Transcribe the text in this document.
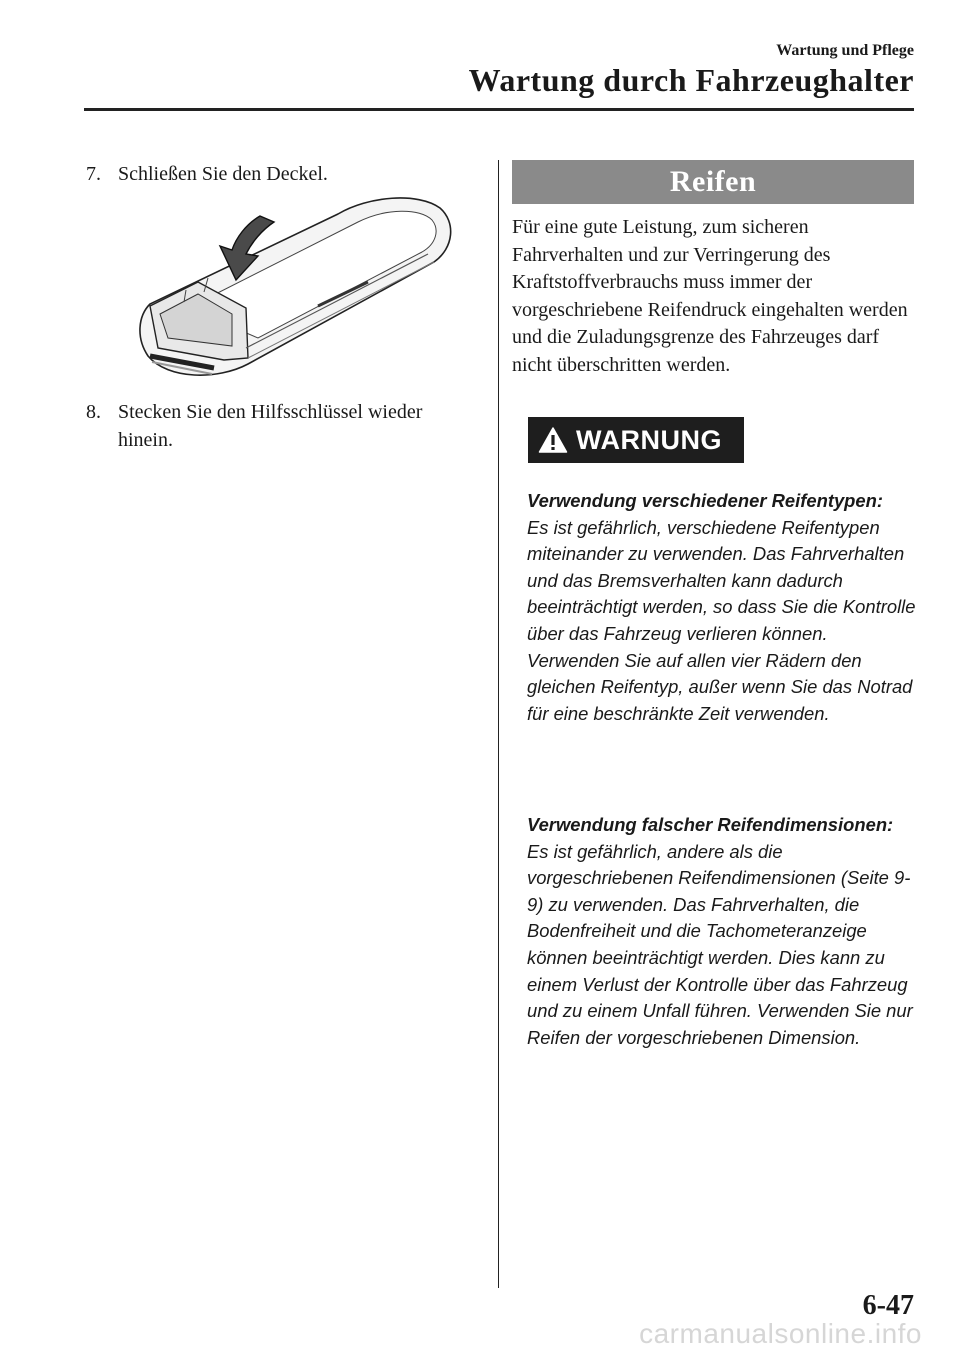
Wartung und Pflege
Wartung durch Fahrzeughalter
7. Schließen Sie den Deckel.
8. Stecken Sie den Hilfsschlüssel wieder
hinein.
Reifen
Für eine gute Leistung, zum sicheren Fahrverhalten und zur Verringerung des Kraftstoffverbrauchs muss immer der vorgeschriebene Reifendruck eingehalten werden und die Zuladungsgrenze des Fahrzeuges darf nicht überschritten werden.
WARNUNG
Verwendung verschiedener Reifentypen:
Es ist gefährlich, verschiedene Reifentypen miteinander zu verwenden. Das Fahrverhalten und das Bremsverhalten kann dadurch beeinträchtigt werden, so dass Sie die Kontrolle über das Fahrzeug verlieren können.
Verwenden Sie auf allen vier Rädern den gleichen Reifentyp, außer wenn Sie das Notrad für eine beschränkte Zeit verwenden.
Verwendung falscher Reifendimensionen:
Es ist gefährlich, andere als die vorgeschriebenen Reifendimensionen (Seite 9-9) zu verwenden. Das Fahrverhalten, die Bodenfreiheit und die Tachometeranzeige können beeinträchtigt werden. Dies kann zu einem Verlust der Kontrolle über das Fahrzeug und zu einem Unfall führen. Verwenden Sie nur Reifen der vorgeschriebenen Dimension.
6-47
carmanualsonline.info
